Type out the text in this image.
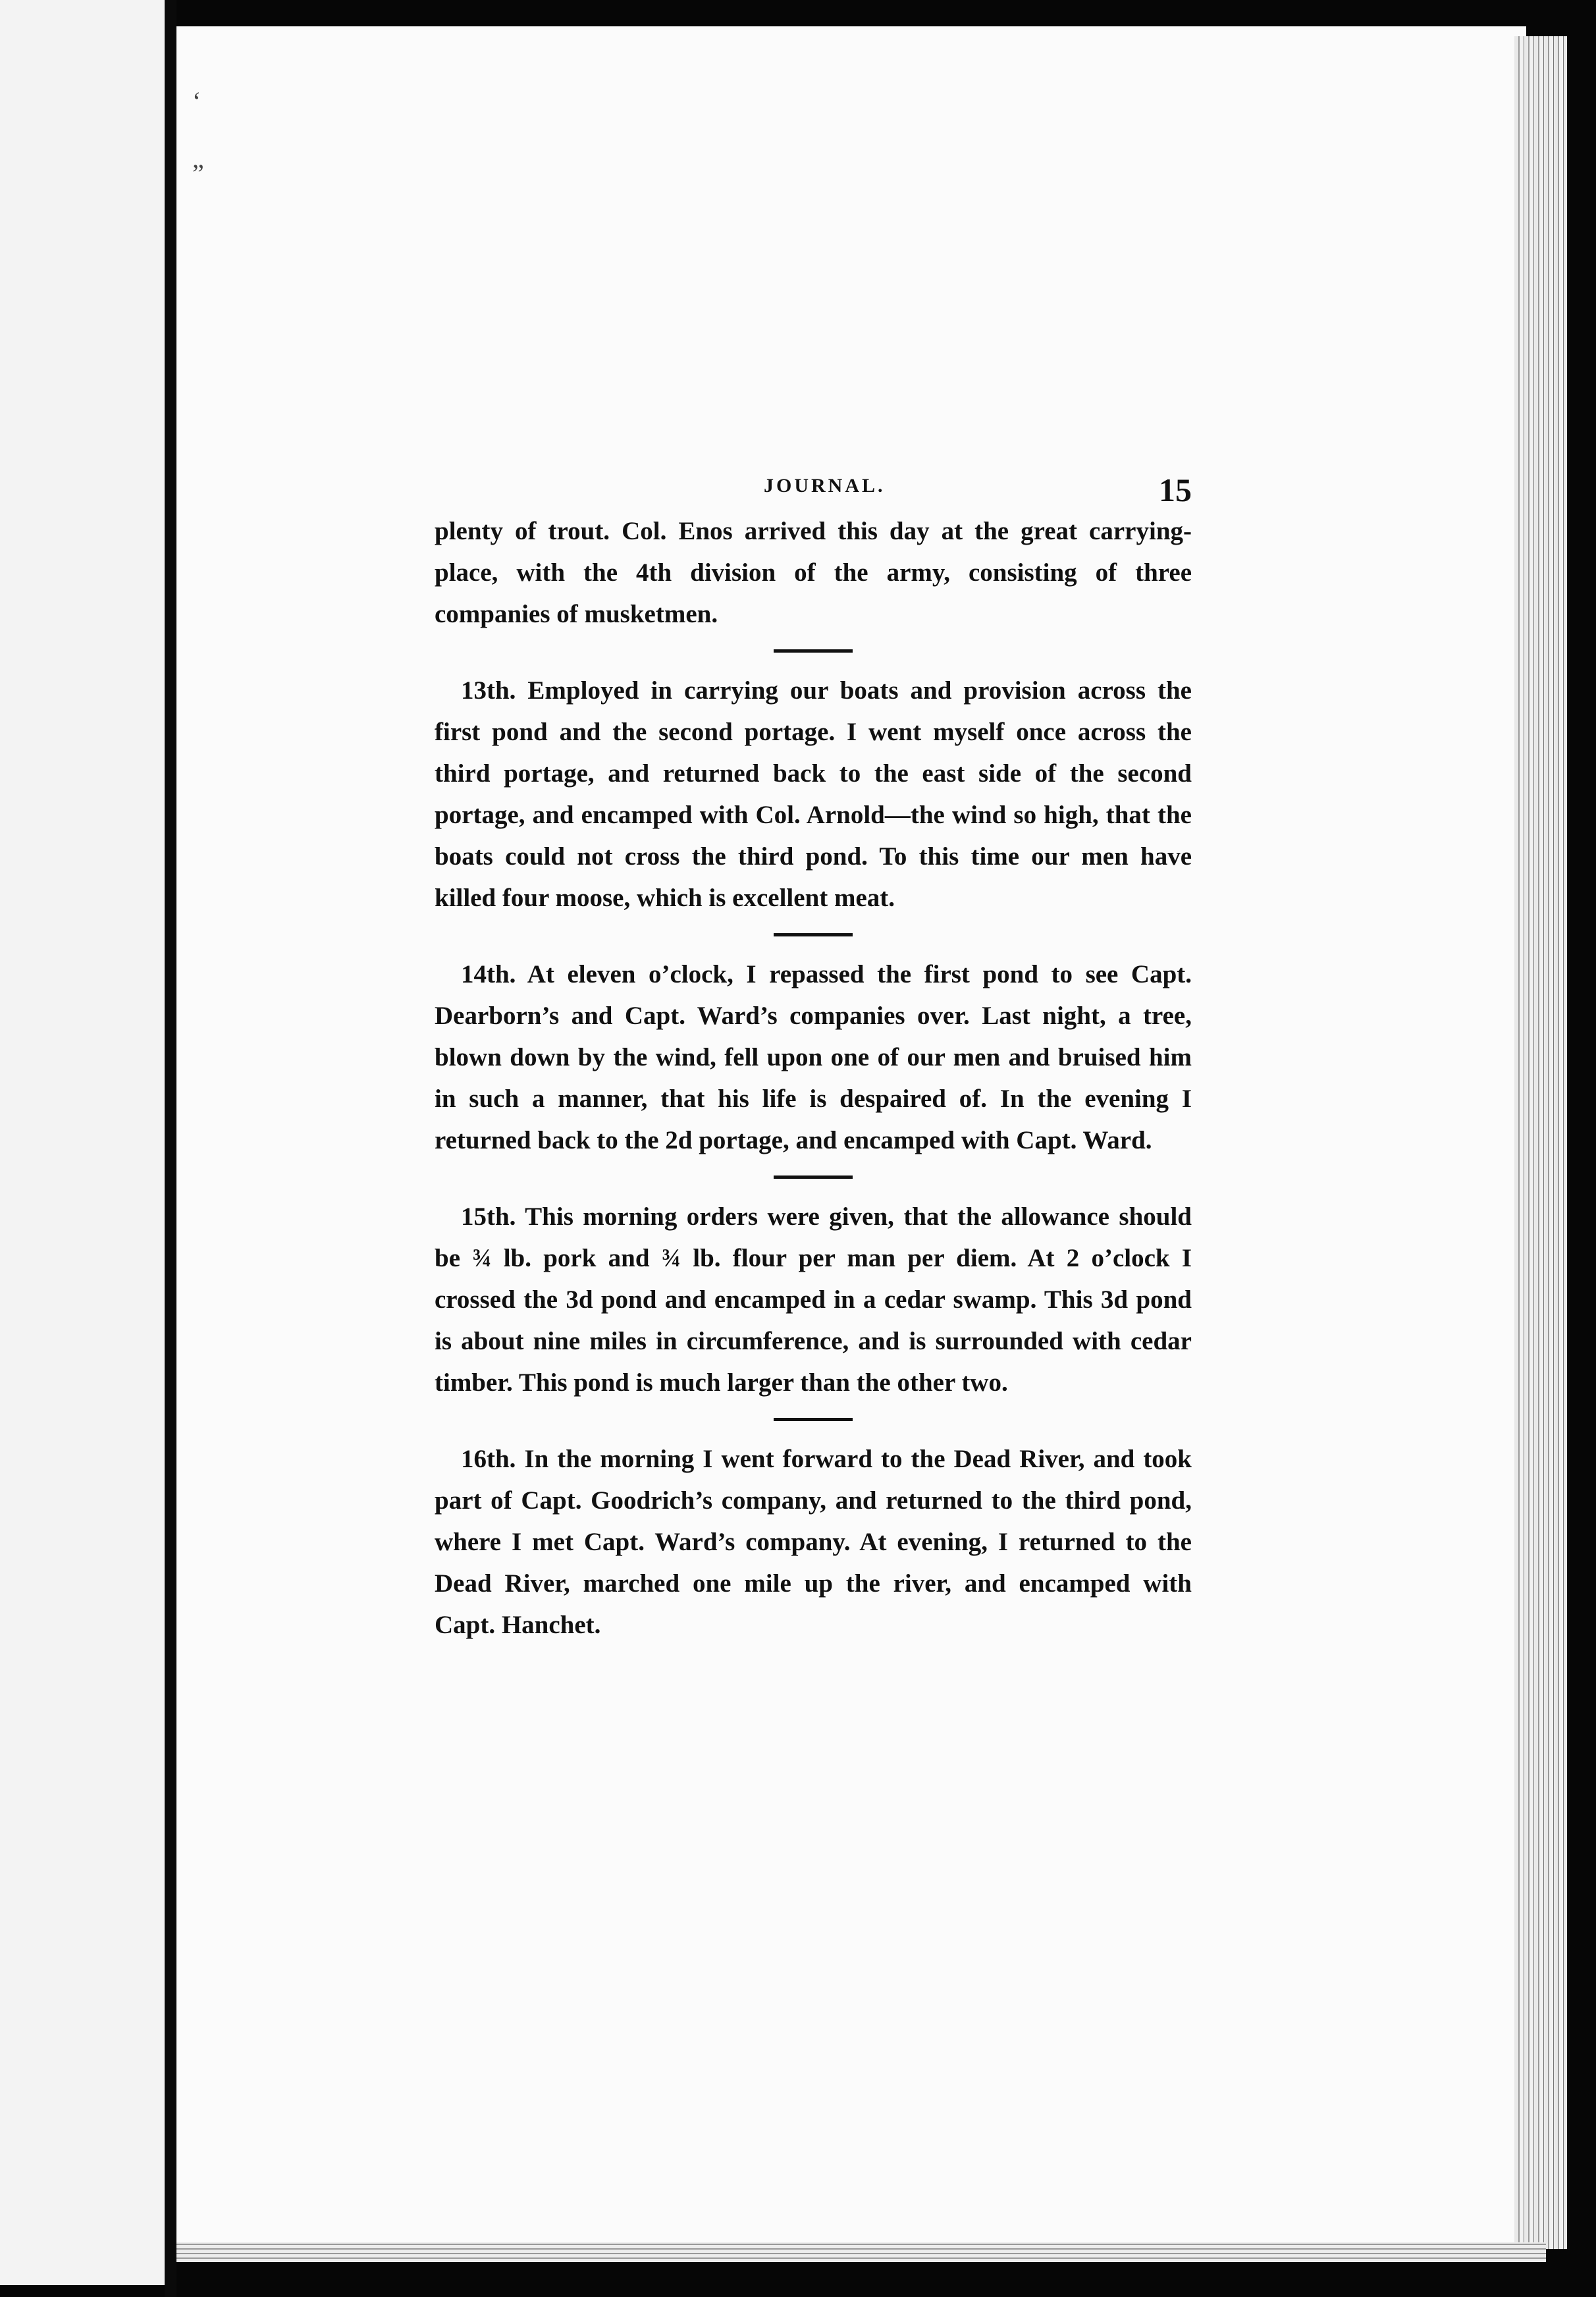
‘
”
JOURNAL.	15

plenty of trout. Col. Enos arrived this day at the great carrying-place, with the 4th division of the army, consisting of three companies of musketmen.

13th. Employed in carrying our boats and provision across the first pond and the second portage. I went myself once across the third portage, and returned back to the east side of the second portage, and encamped with Col. Arnold—the wind so high, that the boats could not cross the third pond. To this time our men have killed four moose, which is excellent meat.

14th. At eleven o’clock, I repassed the first pond to see Capt. Dearborn’s and Capt. Ward’s companies over. Last night, a tree, blown down by the wind, fell upon one of our men and bruised him in such a manner, that his life is despaired of. In the evening I returned back to the 2d portage, and encamped with Capt. Ward.

15th. This morning orders were given, that the allowance should be ¾ lb. pork and ¾ lb. flour per man per diem. At 2 o’clock I crossed the 3d pond and encamped in a cedar swamp. This 3d pond is about nine miles in circumference, and is surrounded with cedar timber. This pond is much larger than the other two.

16th. In the morning I went forward to the Dead River, and took part of Capt. Goodrich’s company, and returned to the third pond, where I met Capt. Ward’s company. At evening, I returned to the Dead River, marched one mile up the river, and encamped with Capt. Hanchet.
